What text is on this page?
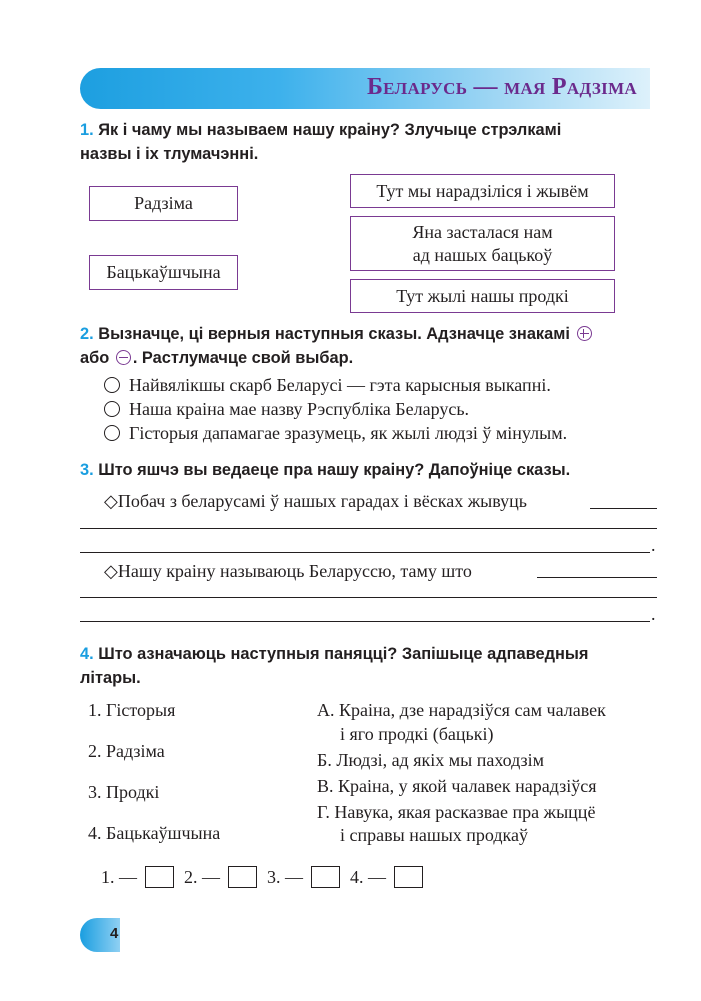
Беларусь — мая Радзіма
1. Як і чаму мы называем нашу краіну? Злучыце стрэлкамі
назвы і іх тлумачэнні.
Радзіма
Бацькаўшчына
Тут мы нарадзіліся і жывём
Яна засталася нам
ад нашых бацькоў
Тут жылі нашы продкі
2. Вызначце, ці верныя наступныя сказы. Адзначце знакамі
або . Растлумачце свой выбар.
Найвялікшы скарб Беларусі — гэта карысныя выкапні.
Наша краіна мае назву Рэспубліка Беларусь.
Гісторыя дапамагае зразумець, як жылі людзі ў мінулым.
3. Што яшчэ вы ведаеце пра нашу краіну? Дапоўніце сказы.
◇Побач з беларусамі ў нашых гарадах і вёсках жывуць
.
◇Нашу краіну называюць Беларуссю, таму што
.
4. Што азначаюць наступныя паняцці? Запішыце адпаведныя
літары.
1. Гісторыя
2. Радзіма
3. Продкі
4. Бацькаўшчына
А. Краіна, дзе нарадзіўся сам чалавек
і яго продкі (бацькі)
Б. Людзі, ад якіх мы паходзім
В. Краіна, у якой чалавек нарадзіўся
Г. Навука, якая расказвае пра жыццё
і справы нашых продкаў
1. —	2. —	3. —	4. —
4
